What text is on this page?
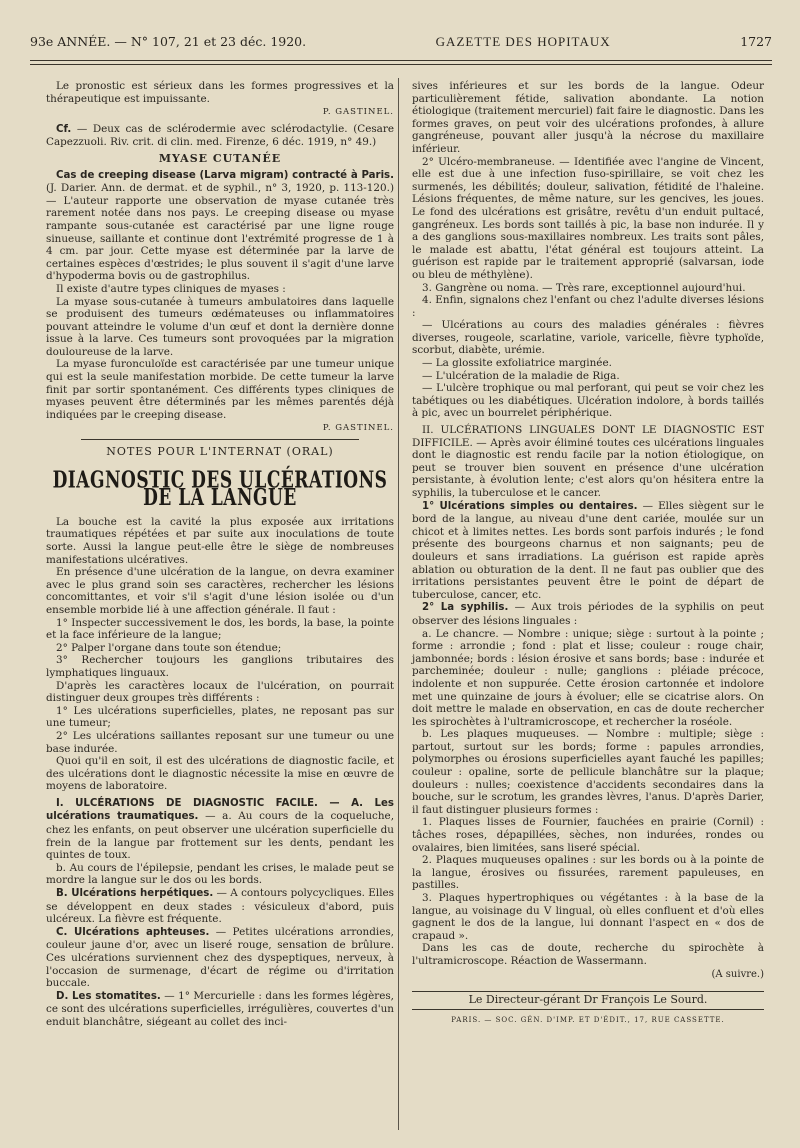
93e ANNÉE. — N° 107, 21 et 23 déc. 1920.	GAZETTE DES HOPITAUX	1727

Le pronostic est sérieux dans les formes progressives et la thérapeutique est impuissante.

P. GASTINEL.

Cf. — Deux cas de sclérodermie avec sclérodactylie. (Cesare Capezzuoli. Riv. crit. di clin. med. Firenze, 6 déc. 1919, n° 49.)

MYASE CUTANÉE

Cas de creeping disease (Larva migram) contracté à Paris. (J. Darier. Ann. de dermat. et de syphil., n° 3, 1920, p. 113-120.) — L'auteur rapporte une observation de myase cutanée très rarement notée dans nos pays. Le creeping disease ou myase rampante sous-cutanée est caractérisé par une ligne rouge sinueuse, saillante et continue dont l'extrémité progresse de 1 à 4 cm. par jour. Cette myase est déterminée par la larve de certaines espèces d'œstrides; le plus souvent il s'agit d'une larve d'hypoderma bovis ou de gastrophilus.

Il existe d'autre types cliniques de myases :

La myase sous-cutanée à tumeurs ambulatoires dans laquelle se produisent des tumeurs œdémateuses ou inflammatoires pouvant atteindre le volume d'un œuf et dont la dernière donne issue à la larve. Ces tumeurs sont provoquées par la migration douloureuse de la larve.

La myase furonculoïde est caractérisée par une tumeur unique qui est la seule manifestation morbide. De cette tumeur la larve finit par sortir spontanément. Ces différents types cliniques de myases peuvent être déterminés par les mêmes parentés déjà indiquées par le creeping disease.

P. GASTINEL.
NOTES POUR L'INTERNAT (ORAL)
DIAGNOSTIC DES ULCÉRATIONS DE LA LANGUE

La bouche est la cavité la plus exposée aux irritations traumatiques répétées et par suite aux inoculations de toute sorte. Aussi la langue peut-elle être le siège de nombreuses manifestations ulcératives.

En présence d'une ulcération de la langue, on devra examiner avec le plus grand soin ses caractères, rechercher les lésions concomittantes, et voir s'il s'agit d'une lésion isolée ou d'un ensemble morbide lié à une affection générale. Il faut :

1° Inspecter successivement le dos, les bords, la base, la pointe et la face inférieure de la langue;

2° Palper l'organe dans toute son étendue;

3° Rechercher toujours les ganglions tributaires des lymphatiques linguaux.

D'après les caractères locaux de l'ulcération, on pourrait distinguer deux groupes très différents :

1° Les ulcérations superficielles, plates, ne reposant pas sur une tumeur;

2° Les ulcérations saillantes reposant sur une tumeur ou une base indurée.

Quoi qu'il en soit, il est des ulcérations de diagnostic facile, et des ulcérations dont le diagnostic nécessite la mise en œuvre de moyens de laboratoire.

I. ULCÉRATIONS DE DIAGNOSTIC FACILE. — A. Les ulcérations traumatiques. — a. Au cours de la coqueluche, chez les enfants, on peut observer une ulcération superficielle du frein de la langue par frottement sur les dents, pendant les quintes de toux.

b. Au cours de l'épilepsie, pendant les crises, le malade peut se mordre la langue sur le dos ou les bords.

B. Ulcérations herpétiques. — A contours polycycliques. Elles se développent en deux stades : vésiculeux d'abord, puis ulcéreux. La fièvre est fréquente.

C. Ulcérations aphteuses. — Petites ulcérations arrondies, couleur jaune d'or, avec un liseré rouge, sensation de brûlure. Ces ulcérations surviennent chez des dyspeptiques, nerveux, à l'occasion de surmenage, d'écart de régime ou d'irritation buccale.

D. Les stomatites. — 1° Mercurielle : dans les formes légères, ce sont des ulcérations superficielles, irrégulières, couvertes d'un enduit blanchâtre, siégeant au collet des inci-

sives inférieures et sur les bords de la langue. Odeur particulièrement fétide, salivation abondante. La notion étiologique (traitement mercuriel) fait faire le diagnostic. Dans les formes graves, on peut voir des ulcérations profondes, à allure gangréneuse, pouvant aller jusqu'à la nécrose du maxillaire inférieur.

2° Ulcéro-membraneuse. — Identifiée avec l'angine de Vincent, elle est due à une infection fuso-spirillaire, se voit chez les surmenés, les débilités; douleur, salivation, fétidité de l'haleine. Lésions fréquentes, de même nature, sur les gencives, les joues. Le fond des ulcérations est grisâtre, revêtu d'un enduit pultacé, gangréneux. Les bords sont taillés à pic, la base non indurée. Il y a des ganglions sous-maxillaires nombreux. Les traits sont pâles, le malade est abattu, l'état général est toujours atteint. La guérison est rapide par le traitement approprié (salvarsan, iode ou bleu de méthylène).

3. Gangrène ou noma. — Très rare, exceptionnel aujourd'hui.

4. Enfin, signalons chez l'enfant ou chez l'adulte diverses lésions :

— Ulcérations au cours des maladies générales : fièvres diverses, rougeole, scarlatine, variole, varicelle, fièvre typhoïde, scorbut, diabète, urémie.

— La glossite exfoliatrice marginée.

— L'ulcération de la maladie de Riga.

— L'ulcère trophique ou mal perforant, qui peut se voir chez les tabétiques ou les diabétiques. Ulcération indolore, à bords taillés à pic, avec un bourrelet périphérique.

II. ULCÉRATIONS LINGUALES DONT LE DIAGNOSTIC EST DIFFICILE. — Après avoir éliminé toutes ces ulcérations linguales dont le diagnostic est rendu facile par la notion étiologique, on peut se trouver bien souvent en présence d'une ulcération persistante, à évolution lente; c'est alors qu'on hésitera entre la syphilis, la tuberculose et le cancer.

1° Ulcérations simples ou dentaires. — Elles siègent sur le bord de la langue, au niveau d'une dent cariée, moulée sur un chicot et à limites nettes. Les bords sont parfois indurés ; le fond présente des bourgeons charnus et non saignants; peu de douleurs et sans irradiations. La guérison est rapide après ablation ou obturation de la dent. Il ne faut pas oublier que des irritations persistantes peuvent être le point de départ de tuberculose, cancer, etc.

2° La syphilis. — Aux trois périodes de la syphilis on peut observer des lésions linguales :

a. Le chancre. — Nombre : unique; siège : surtout à la pointe ; forme : arrondie ; fond : plat et lisse; couleur : rouge chair, jambonnée; bords : lésion érosive et sans bords; base : indurée et parcheminée; douleur : nulle; ganglions : pléiade précoce, indolente et non suppurée. Cette érosion cartonnée et indolore met une quinzaine de jours à évoluer; elle se cicatrise alors. On doit mettre le malade en observation, en cas de doute rechercher les spirochètes à l'ultramicroscope, et rechercher la roséole.

b. Les plaques muqueuses. — Nombre : multiple; siège : partout, surtout sur les bords; forme : papules arrondies, polymorphes ou érosions superficielles ayant fauché les papilles; couleur : opaline, sorte de pellicule blanchâtre sur la plaque; douleurs : nulles; coexistence d'accidents secondaires dans la bouche, sur le scrotum, les grandes lèvres, l'anus. D'après Darier, il faut distinguer plusieurs formes :

1. Plaques lisses de Fournier, fauchées en prairie (Cornil) : tâches roses, dépapillées, sèches, non indurées, rondes ou ovalaires, bien limitées, sans liseré spécial.

2. Plaques muqueuses opalines : sur les bords ou à la pointe de la langue, érosives ou fissurées, rarement papuleuses, en pastilles.

3. Plaques hypertrophiques ou végétantes : à la base de la langue, au voisinage du V lingual, où elles confluent et d'où elles gagnent le dos de la langue, lui donnant l'aspect en « dos de crapaud ».

Dans les cas de doute, recherche du spirochète à l'ultramicroscope. Réaction de Wassermann.

(A suivre.)
Le Directeur-gérant Dr François Le Sourd.
PARIS. — SOC. GÉN. D'IMP. ET D'ÉDIT., 17, RUE CASSETTE.
